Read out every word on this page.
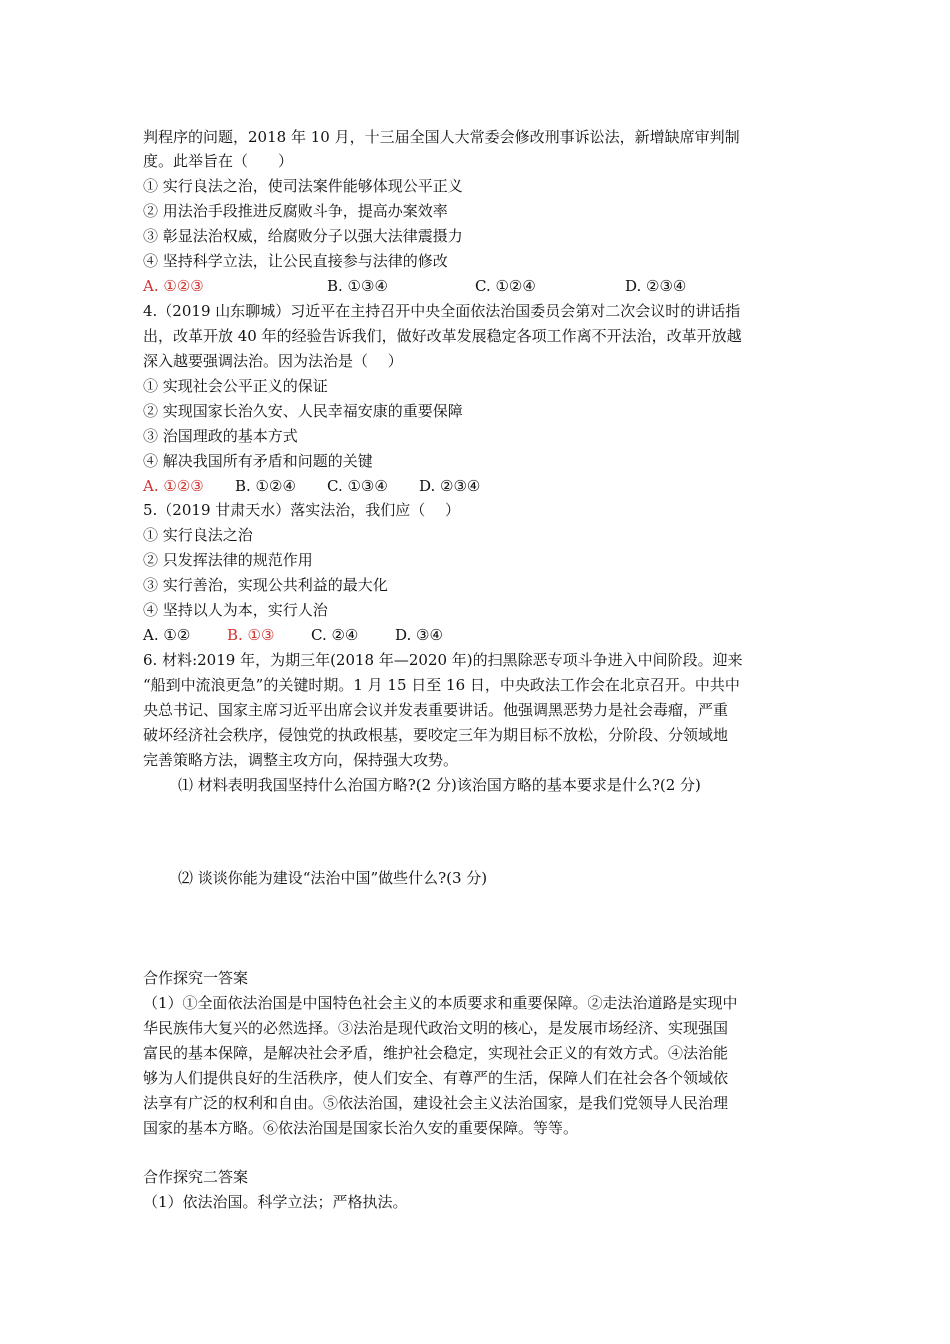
判程序的问题，2018 年 10 月，十三届全国人大常委会修改刑事诉讼法，新增缺席审判制
度。此举旨在（　　）
① 实行良法之治，使司法案件能够体现公平正义
② 用法治手段推进反腐败斗争，提高办案效率
③ 彰显法治权威，给腐败分子以强大法律震摄力
④ 坚持科学立法，让公民直接参与法律的修改
A. ①②③	B. ①③④	C. ①②④	D. ②③④
4.（2019 山东聊城）习近平在主持召开中央全面依法治国委员会第对二次会议时的讲话指
出，改革开放 40 年的经验告诉我们，做好改革发展稳定各项工作离不开法治，改革开放越
深入越要强调法治。因为法治是（　 ）
① 实现社会公平正义的保证
② 实现国家长治久安、人民幸福安康的重要保障
③ 治国理政的基本方式
④ 解决我国所有矛盾和问题的关键
A. ①②③ B. ①②④ C. ①③④ D. ②③④
5.（2019 甘肃天水）落实法治，我们应（　 ）
① 实行良法之治
② 只发挥法律的规范作用
③ 实行善治，实现公共利益的最大化
④ 坚持以人为本，实行人治
A. ①② B. ①③ C. ②④ D. ③④
6. 材料:2019 年，为期三年(2018 年—2020 年)的扫黑除恶专项斗争进入中间阶段。迎来
“船到中流浪更急”的关键时期。1 月 15 日至 16 日，中央政法工作会在北京召开。中共中
央总书记、国家主席习近平出席会议并发表重要讲话。他强调黑恶势力是社会毒瘤，严重
破坏经济社会秩序，侵蚀党的执政根基，要咬定三年为期目标不放松，分阶段、分领域地
完善策略方法，调整主攻方向，保持强大攻势。
⑴ 材料表明我国坚持什么治国方略?(2 分)该治国方略的基本要求是什么?(2 分)
⑵ 谈谈你能为建设“法治中国”做些什么?(3 分)
合作探究一答案
（1）①全面依法治国是中国特色社会主义的本质要求和重要保障。②走法治道路是实现中
华民族伟大复兴的必然选择。③法治是现代政治文明的核心，是发展市场经济、实现强国
富民的基本保障，是解决社会矛盾，维护社会稳定，实现社会正义的有效方式。④法治能
够为人们提供良好的生活秩序，使人们安全、有尊严的生活，保障人们在社会各个领域依
法享有广泛的权利和自由。⑤依法治国，建设社会主义法治国家，是我们党领导人民治理
国家的基本方略。⑥依法治国是国家长治久安的重要保障。等等。
合作探究二答案
（1）依法治国。科学立法；严格执法。
